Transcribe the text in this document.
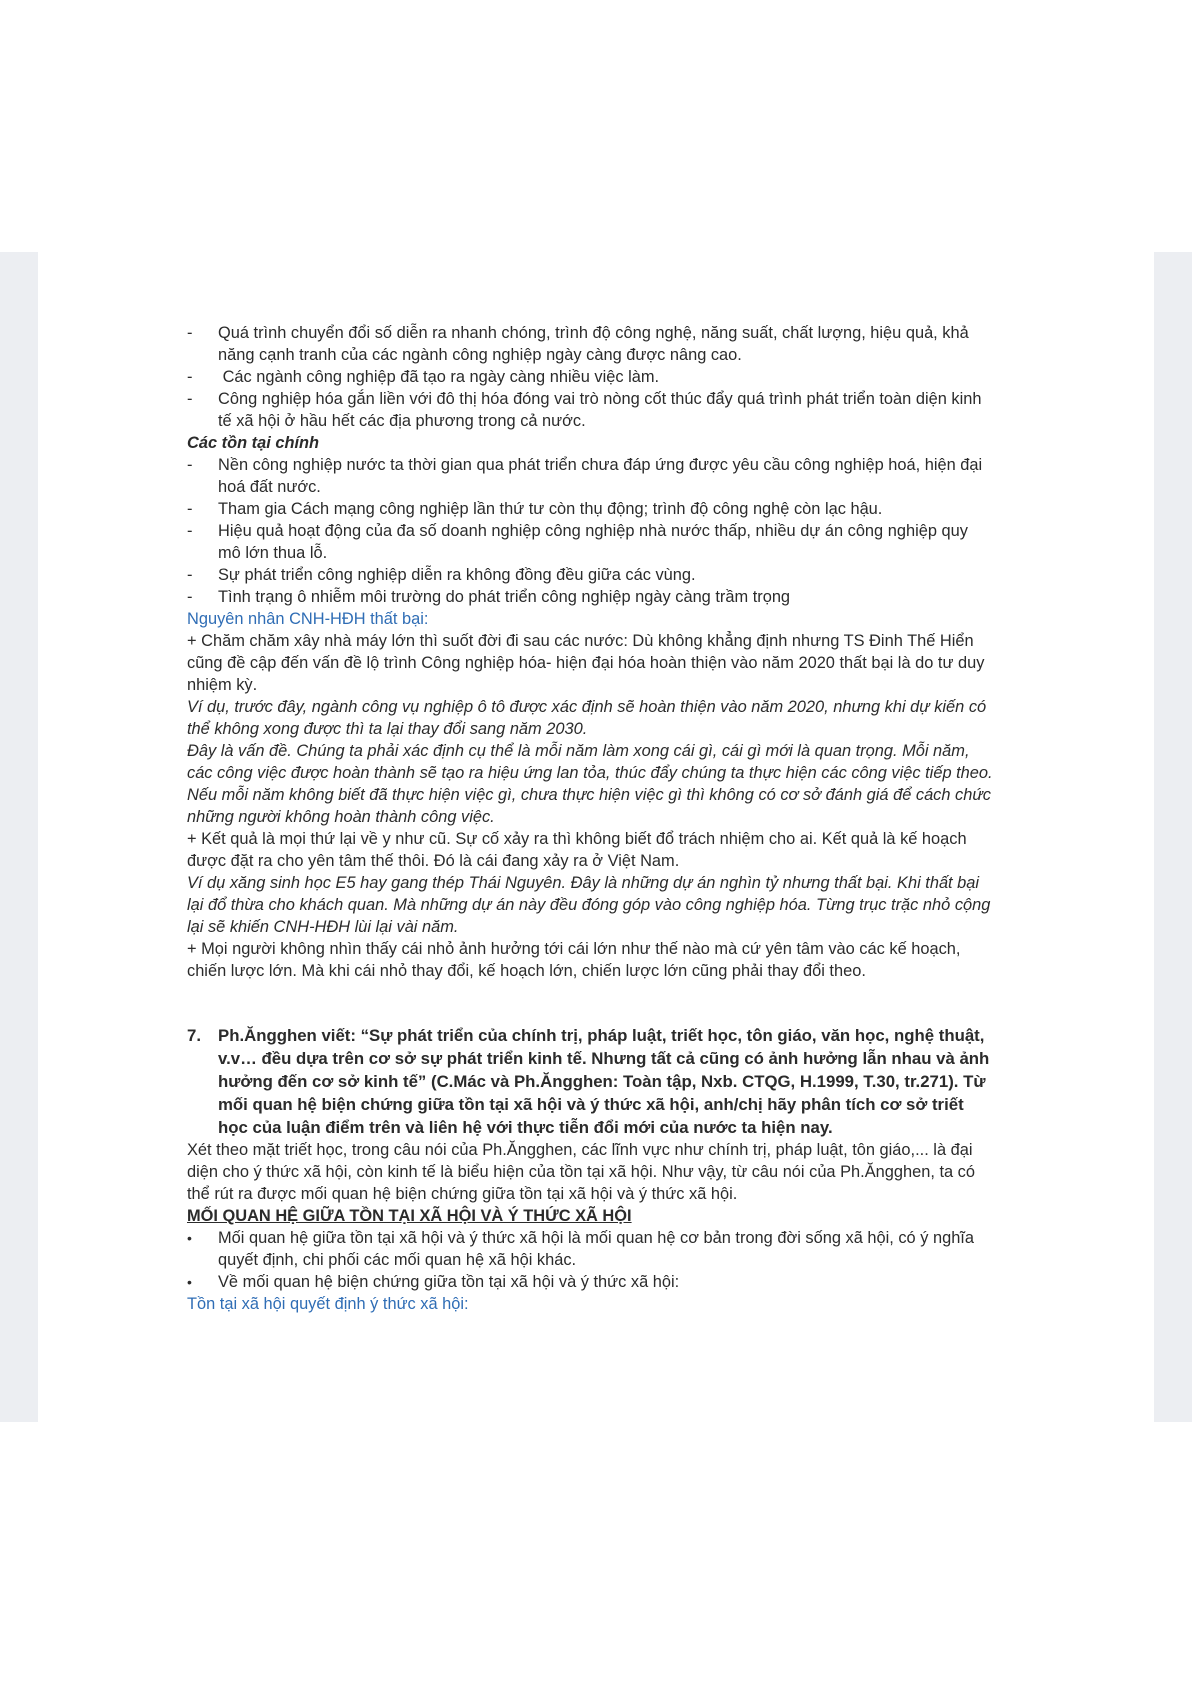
-	Quá trình chuyển đổi số diễn ra nhanh chóng, trình độ công nghệ, năng suất, chất lượng, hiệu quả, khả năng cạnh tranh của các ngành công nghiệp ngày càng được nâng cao.
-	Các ngành công nghiệp đã tạo ra ngày càng nhiều việc làm.
-	Công nghiệp hóa gắn liền với đô thị hóa đóng vai trò nòng cốt thúc đẩy quá trình phát triển toàn diện kinh tế xã hội ở hầu hết các địa phương trong cả nước.

Các tồn tại chính

-	Nền công nghiệp nước ta thời gian qua phát triển chưa đáp ứng được yêu cầu công nghiệp hoá, hiện đại hoá đất nước.
-	Tham gia Cách mạng công nghiệp lần thứ tư còn thụ động; trình độ công nghệ còn lạc hậu.
-	Hiệu quả hoạt động của đa số doanh nghiệp công nghiệp nhà nước thấp, nhiều dự án công nghiệp quy mô lớn thua lỗ.
-	Sự phát triển công nghiệp diễn ra không đồng đều giữa các vùng.
-	Tình trạng ô nhiễm môi trường do phát triển công nghiệp ngày càng trầm trọng

Nguyên nhân CNH-HĐH thất bại:

+ Chăm chăm xây nhà máy lớn thì suốt đời đi sau các nước: Dù không khẳng định nhưng TS Đinh Thế Hiển cũng đề cập đến vấn đề lộ trình Công nghiệp hóa- hiện đại hóa hoàn thiện vào năm 2020 thất bại là do tư duy nhiệm kỳ.

Ví dụ, trước đây, ngành công vụ nghiệp ô tô được xác định sẽ hoàn thiện vào năm 2020, nhưng khi dự kiến có thể không xong được thì ta lại thay đổi sang năm 2030.

Đây là vấn đề. Chúng ta phải xác định cụ thể là mỗi năm làm xong cái gì, cái gì mới là quan trọng. Mỗi năm, các công việc được hoàn thành sẽ tạo ra hiệu ứng lan tỏa, thúc đẩy chúng ta thực hiện các công việc tiếp theo. Nếu mỗi năm không biết đã thực hiện việc gì, chưa thực hiện việc gì thì không có cơ sở đánh giá để cách chức những người không hoàn thành công việc.

+ Kết quả là mọi thứ lại về y như cũ. Sự cố xảy ra thì không biết đổ trách nhiệm cho ai. Kết quả là kế hoạch được đặt ra cho yên tâm thế thôi. Đó là cái đang xảy ra ở Việt Nam.

Ví dụ xăng sinh học E5 hay gang thép Thái Nguyên. Đây là những dự án nghìn tỷ nhưng thất bại. Khi thất bại lại đổ thừa cho khách quan. Mà những dự án này đều đóng góp vào công nghiệp hóa. Từng trục trặc nhỏ cộng lại sẽ khiến CNH-HĐH lùi lại vài năm.

+ Mọi người không nhìn thấy cái nhỏ ảnh hưởng tới cái lớn như thế nào mà cứ yên tâm vào các kế hoạch, chiến lược lớn. Mà khi cái nhỏ thay đổi, kế hoạch lớn, chiến lược lớn cũng phải thay đổi theo.

7.	Ph.Ăngghen viết: “Sự phát triển của chính trị, pháp luật, triết học, tôn giáo, văn học, nghệ thuật, v.v… đều dựa trên cơ sở sự phát triển kinh tế. Nhưng tất cả cũng có ảnh hưởng lẫn nhau và ảnh hưởng đến cơ sở kinh tế” (C.Mác và Ph.Ăngghen: Toàn tập, Nxb. CTQG, H.1999, T.30, tr.271). Từ mối quan hệ biện chứng giữa tồn tại xã hội và ý thức xã hội, anh/chị hãy phân tích cơ sở triết học của luận điểm trên và liên hệ với thực tiễn đổi mới của nước ta hiện nay.

Xét theo mặt triết học, trong câu nói của Ph.Ăngghen, các lĩnh vực như chính trị, pháp luật, tôn giáo,... là đại diện cho ý thức xã hội, còn kinh tế là biểu hiện của tồn tại xã hội. Như vậy, từ câu nói của Ph.Ăngghen, ta có thể rút ra được mối quan hệ biện chứng giữa tồn tại xã hội và ý thức xã hội.

MỐI QUAN HỆ GIỮA TỒN TẠI XÃ HỘI VÀ Ý THỨC XÃ HỘI

•	Mối quan hệ giữa tồn tại xã hội và ý thức xã hội là mối quan hệ cơ bản trong đời sống xã hội, có ý nghĩa quyết định, chi phối các mối quan hệ xã hội khác.
•	Về mối quan hệ biện chứng giữa tồn tại xã hội và ý thức xã hội:

Tồn tại xã hội quyết định ý thức xã hội:
